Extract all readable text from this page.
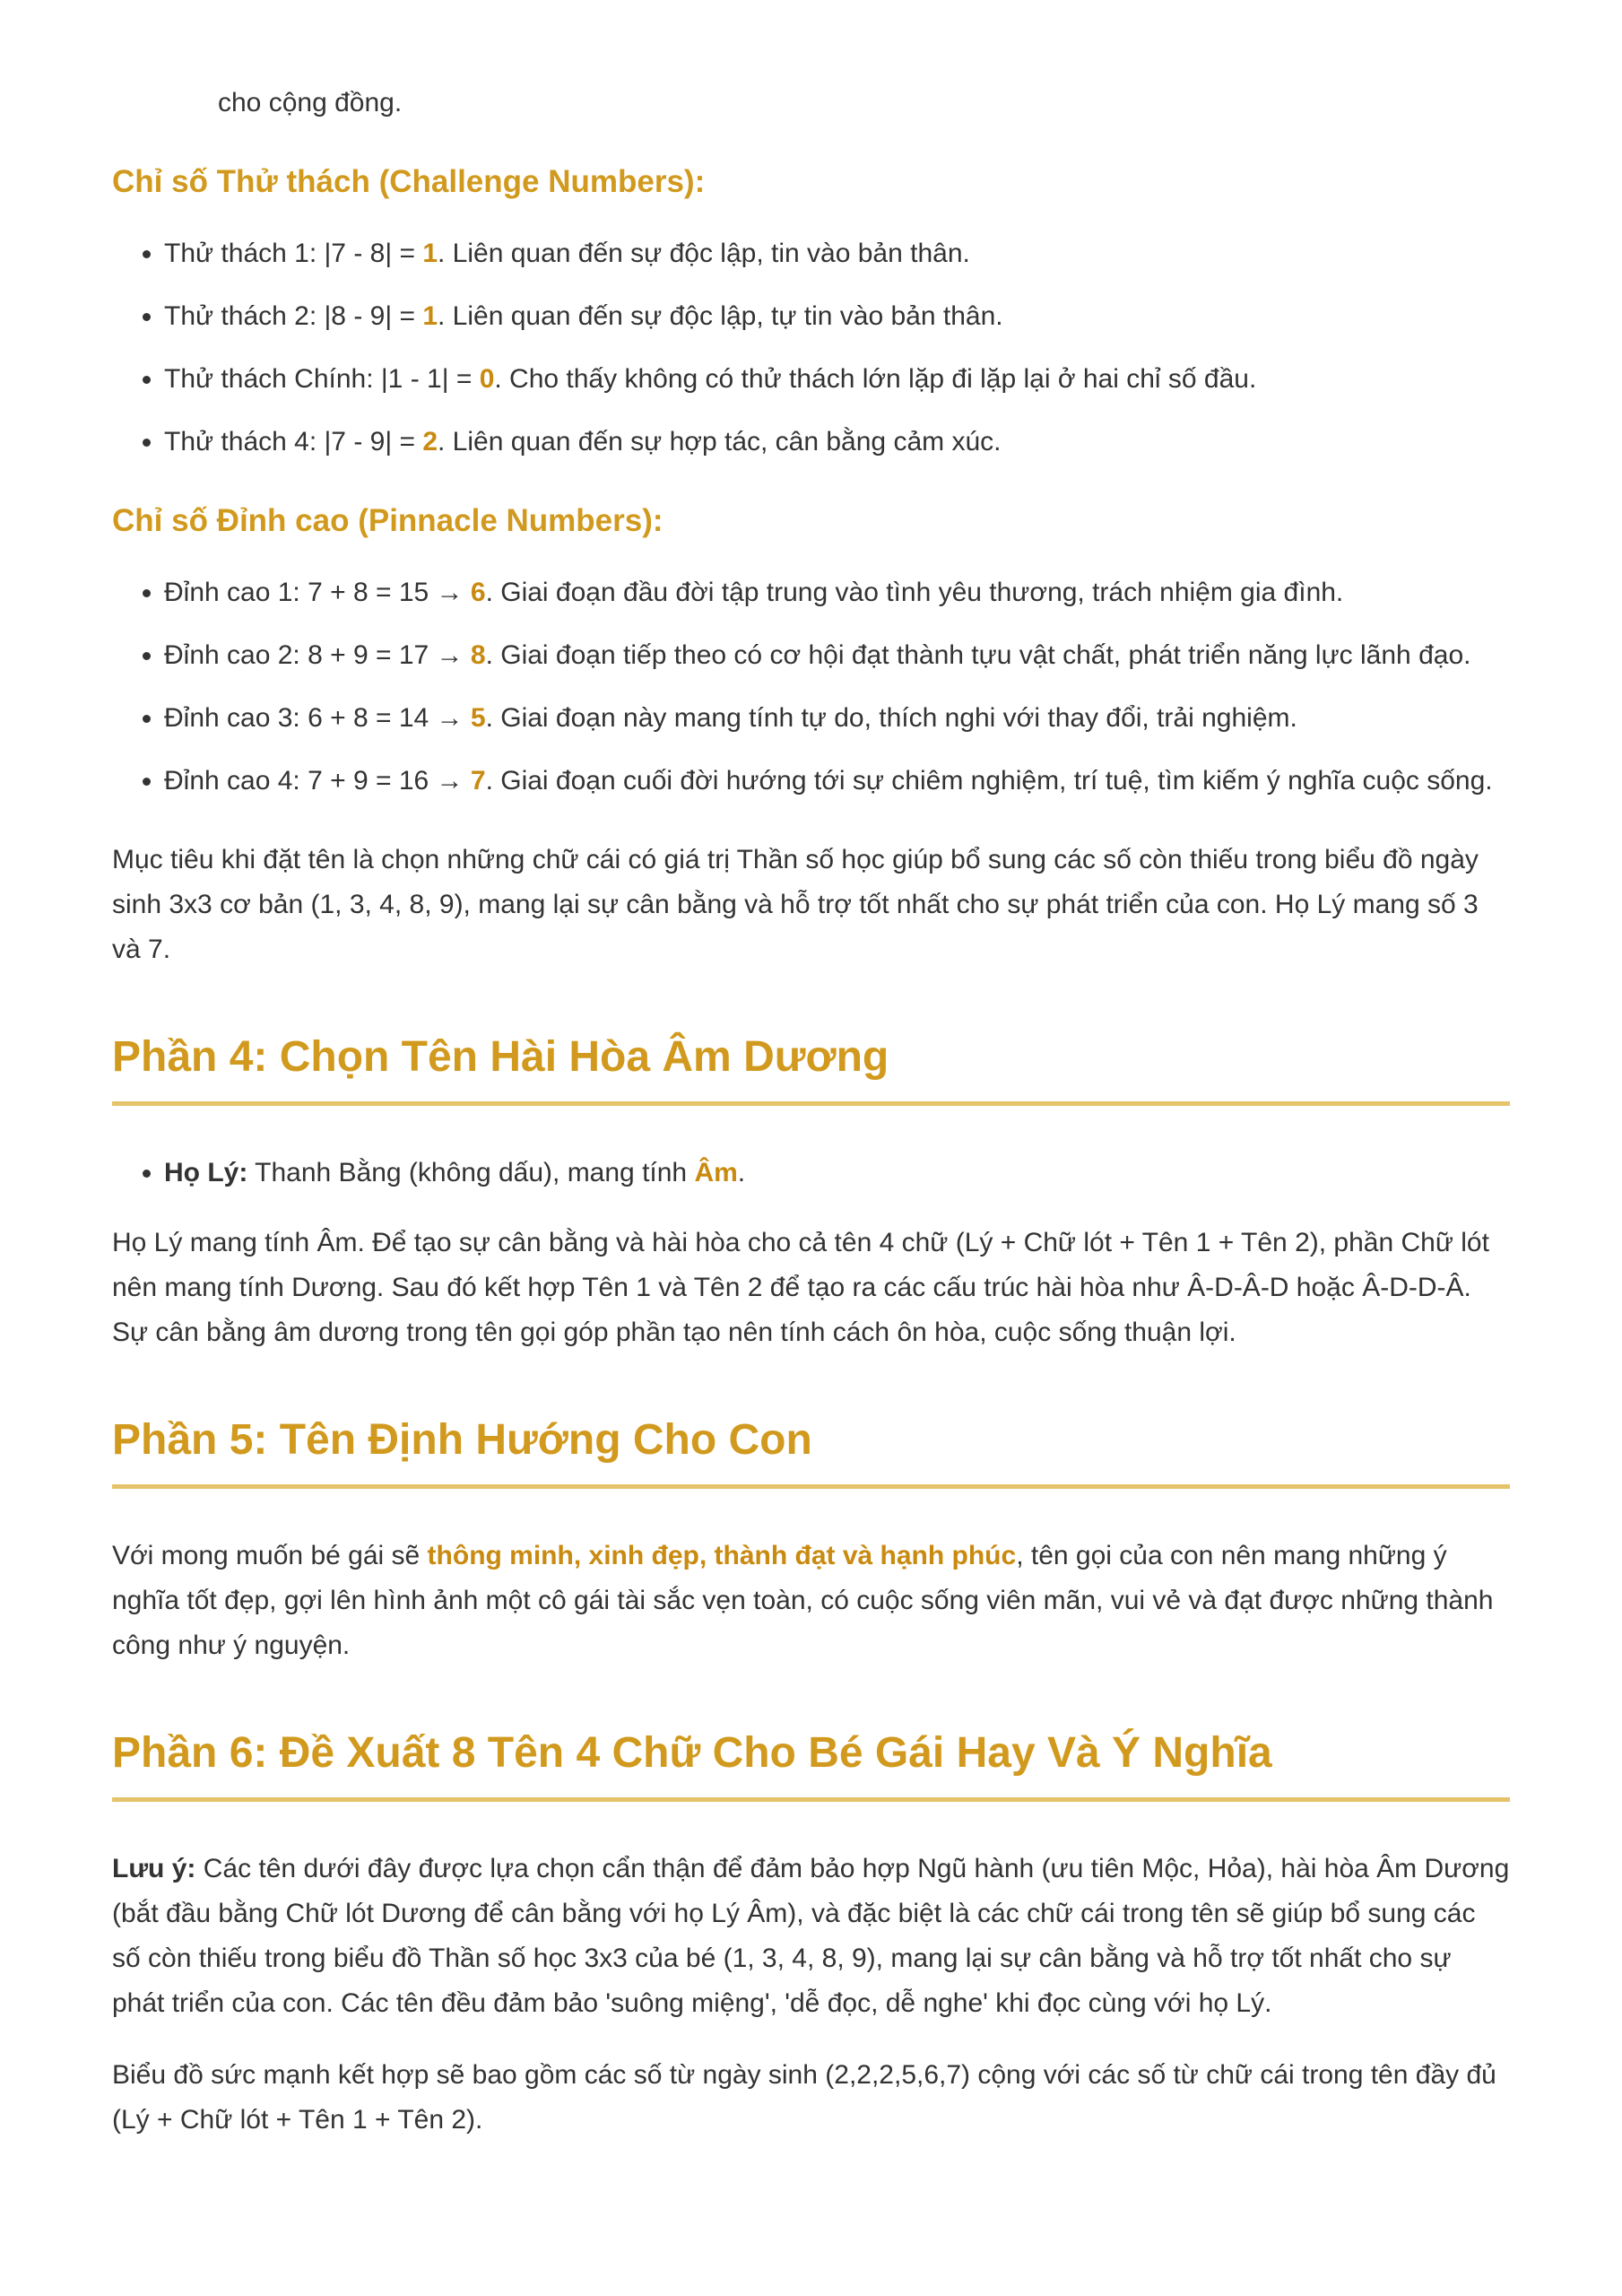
cho cộng đồng.

Chỉ số Thử thách (Challenge Numbers):
• Thử thách 1: |7 - 8| = 1. Liên quan đến sự độc lập, tin vào bản thân.
• Thử thách 2: |8 - 9| = 1. Liên quan đến sự độc lập, tự tin vào bản thân.
• Thử thách Chính: |1 - 1| = 0. Cho thấy không có thử thách lớn lặp đi lặp lại ở hai chỉ số đầu.
• Thử thách 4: |7 - 9| = 2. Liên quan đến sự hợp tác, cân bằng cảm xúc.
Chỉ số Đỉnh cao (Pinnacle Numbers):
• Đỉnh cao 1: 7 + 8 = 15 → 6. Giai đoạn đầu đời tập trung vào tình yêu thương, trách nhiệm gia đình.
• Đỉnh cao 2: 8 + 9 = 17 → 8. Giai đoạn tiếp theo có cơ hội đạt thành tựu vật chất, phát triển năng lực lãnh đạo.
• Đỉnh cao 3: 6 + 8 = 14 → 5. Giai đoạn này mang tính tự do, thích nghi với thay đổi, trải nghiệm.
• Đỉnh cao 4: 7 + 9 = 16 → 7. Giai đoạn cuối đời hướng tới sự chiêm nghiệm, trí tuệ, tìm kiếm ý nghĩa cuộc sống.

Mục tiêu khi đặt tên là chọn những chữ cái có giá trị Thần số học giúp bổ sung các số còn thiếu trong biểu đồ ngày sinh 3x3 cơ bản (1, 3, 4, 8, 9), mang lại sự cân bằng và hỗ trợ tốt nhất cho sự phát triển của con. Họ Lý mang số 3 và 7.

Phần 4: Chọn Tên Hài Hòa Âm Dương
• Họ Lý: Thanh Bằng (không dấu), mang tính Âm.

Họ Lý mang tính Âm. Để tạo sự cân bằng và hài hòa cho cả tên 4 chữ (Lý + Chữ lót + Tên 1 + Tên 2), phần Chữ lót nên mang tính Dương. Sau đó kết hợp Tên 1 và Tên 2 để tạo ra các cấu trúc hài hòa như Â-D-Â-D hoặc Â-D-D-Â. Sự cân bằng âm dương trong tên gọi góp phần tạo nên tính cách ôn hòa, cuộc sống thuận lợi.

Phần 5: Tên Định Hướng Cho Con

Với mong muốn bé gái sẽ thông minh, xinh đẹp, thành đạt và hạnh phúc, tên gọi của con nên mang những ý nghĩa tốt đẹp, gợi lên hình ảnh một cô gái tài sắc vẹn toàn, có cuộc sống viên mãn, vui vẻ và đạt được những thành công như ý nguyện.

Phần 6: Đề Xuất 8 Tên 4 Chữ Cho Bé Gái Hay Và Ý Nghĩa

Lưu ý: Các tên dưới đây được lựa chọn cẩn thận để đảm bảo hợp Ngũ hành (ưu tiên Mộc, Hỏa), hài hòa Âm Dương (bắt đầu bằng Chữ lót Dương để cân bằng với họ Lý Âm), và đặc biệt là các chữ cái trong tên sẽ giúp bổ sung các số còn thiếu trong biểu đồ Thần số học 3x3 của bé (1, 3, 4, 8, 9), mang lại sự cân bằng và hỗ trợ tốt nhất cho sự phát triển của con. Các tên đều đảm bảo 'suông miệng', 'dễ đọc, dễ nghe' khi đọc cùng với họ Lý.

Biểu đồ sức mạnh kết hợp sẽ bao gồm các số từ ngày sinh (2,2,2,5,6,7) cộng với các số từ chữ cái trong tên đầy đủ (Lý + Chữ lót + Tên 1 + Tên 2).
